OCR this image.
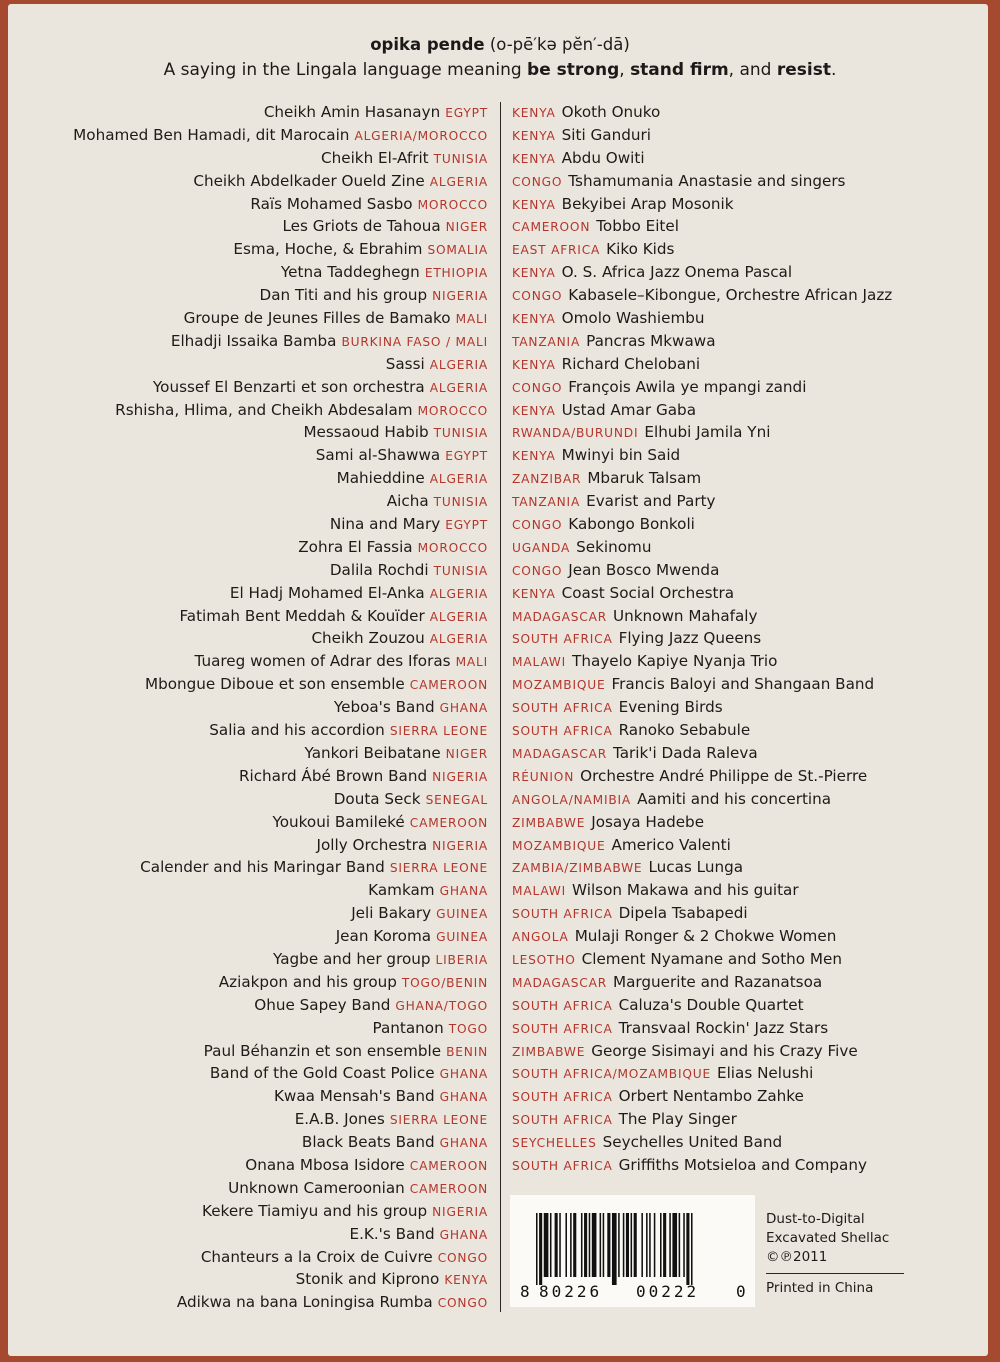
opika pende (o-pē′kə pĕn′-dā)
A saying in the Lingala language meaning be strong, stand firm, and resist.
Cheikh Amin Hasanayn EGYPT
Mohamed Ben Hamadi, dit Marocain ALGERIA/MOROCCO
Cheikh El-Afrit TUNISIA
Cheikh Abdelkader Oueld Zine ALGERIA
Raïs Mohamed Sasbo MOROCCO
Les Griots de Tahoua NIGER
Esma, Hoche, & Ebrahim SOMALIA
Yetna Taddeghegn ETHIOPIA
Dan Titi and his group NIGERIA
Groupe de Jeunes Filles de Bamako MALI
Elhadji Issaika Bamba BURKINA FASO / MALI
Sassi ALGERIA
Youssef El Benzarti et son orchestra ALGERIA
Rshisha, Hlima, and Cheikh Abdesalam MOROCCO
Messaoud Habib TUNISIA
Sami al-Shawwa EGYPT
Mahieddine ALGERIA
Aicha TUNISIA
Nina and Mary EGYPT
Zohra El Fassia MOROCCO
Dalila Rochdi TUNISIA
El Hadj Mohamed El-Anka ALGERIA
Fatimah Bent Meddah & Kouïder ALGERIA
Cheikh Zouzou ALGERIA
Tuareg women of Adrar des Iforas MALI
Mbongue Diboue et son ensemble CAMEROON
Yeboa's Band GHANA
Salia and his accordion SIERRA LEONE
Yankori Beibatane NIGER
Richard Ábé Brown Band NIGERIA
Douta Seck SENEGAL
Youkoui Bamileké CAMEROON
Jolly Orchestra NIGERIA
Calender and his Maringar Band SIERRA LEONE
Kamkam GHANA
Jeli Bakary GUINEA
Jean Koroma GUINEA
Yagbe and her group LIBERIA
Aziakpon and his group TOGO/BENIN
Ohue Sapey Band GHANA/TOGO
Pantanon TOGO
Paul Béhanzin et son ensemble BENIN
Band of the Gold Coast Police GHANA
Kwaa Mensah's Band GHANA
E.A.B. Jones SIERRA LEONE
Black Beats Band GHANA
Onana Mbosa Isidore CAMEROON
Unknown Cameroonian CAMEROON
Kekere Tiamiyu and his group NIGERIA
E.K.'s Band GHANA
Chanteurs a la Croix de Cuivre CONGO
Stonik and Kiprono KENYA
Adikwa na bana Loningisa Rumba CONGO
KENYA Okoth Onuko
KENYA Siti Ganduri
KENYA Abdu Owiti
CONGO Tshamumania Anastasie and singers
KENYA Bekyibei Arap Mosonik
CAMEROON Tobbo Eitel
EAST AFRICA Kiko Kids
KENYA O. S. Africa Jazz Onema Pascal
CONGO Kabasele–Kibongue, Orchestre African Jazz
KENYA Omolo Washiembu
TANZANIA Pancras Mkwawa
KENYA Richard Chelobani
CONGO François Awila ye mpangi zandi
KENYA Ustad Amar Gaba
RWANDA/BURUNDI Elhubi Jamila Yni
KENYA Mwinyi bin Said
ZANZIBAR Mbaruk Talsam
TANZANIA Evarist and Party
CONGO Kabongo Bonkoli
UGANDA Sekinomu
CONGO Jean Bosco Mwenda
KENYA Coast Social Orchestra
MADAGASCAR Unknown Mahafaly
SOUTH AFRICA Flying Jazz Queens
MALAWI Thayelo Kapiye Nyanja Trio
MOZAMBIQUE Francis Baloyi and Shangaan Band
SOUTH AFRICA Evening Birds
SOUTH AFRICA Ranoko Sebabule
MADAGASCAR Tarik'i Dada Raleva
RÉUNION Orchestre André Philippe de St.-Pierre
ANGOLA/NAMIBIA Aamiti and his concertina
ZIMBABWE Josaya Hadebe
MOZAMBIQUE Americo Valenti
ZAMBIA/ZIMBABWE Lucas Lunga
MALAWI Wilson Makawa and his guitar
SOUTH AFRICA Dipela Tsabapedi
ANGOLA Mulaji Ronger & 2 Chokwe Women
LESOTHO Clement Nyamane and Sotho Men
MADAGASCAR Marguerite and Razanatsoa
SOUTH AFRICA Caluza's Double Quartet
SOUTH AFRICA Transvaal Rockin' Jazz Stars
ZIMBABWE George Sisimayi and his Crazy Five
SOUTH AFRICA/MOZAMBIQUE Elias Nelushi
SOUTH AFRICA Orbert Nentambo Zahke
SOUTH AFRICA The Play Singer
SEYCHELLES Seychelles United Band
SOUTH AFRICA Griffiths Motsieloa and Company
8 80226 00222 0
Dust-to-Digital
Excavated Shellac
©℗2011
Printed in China
